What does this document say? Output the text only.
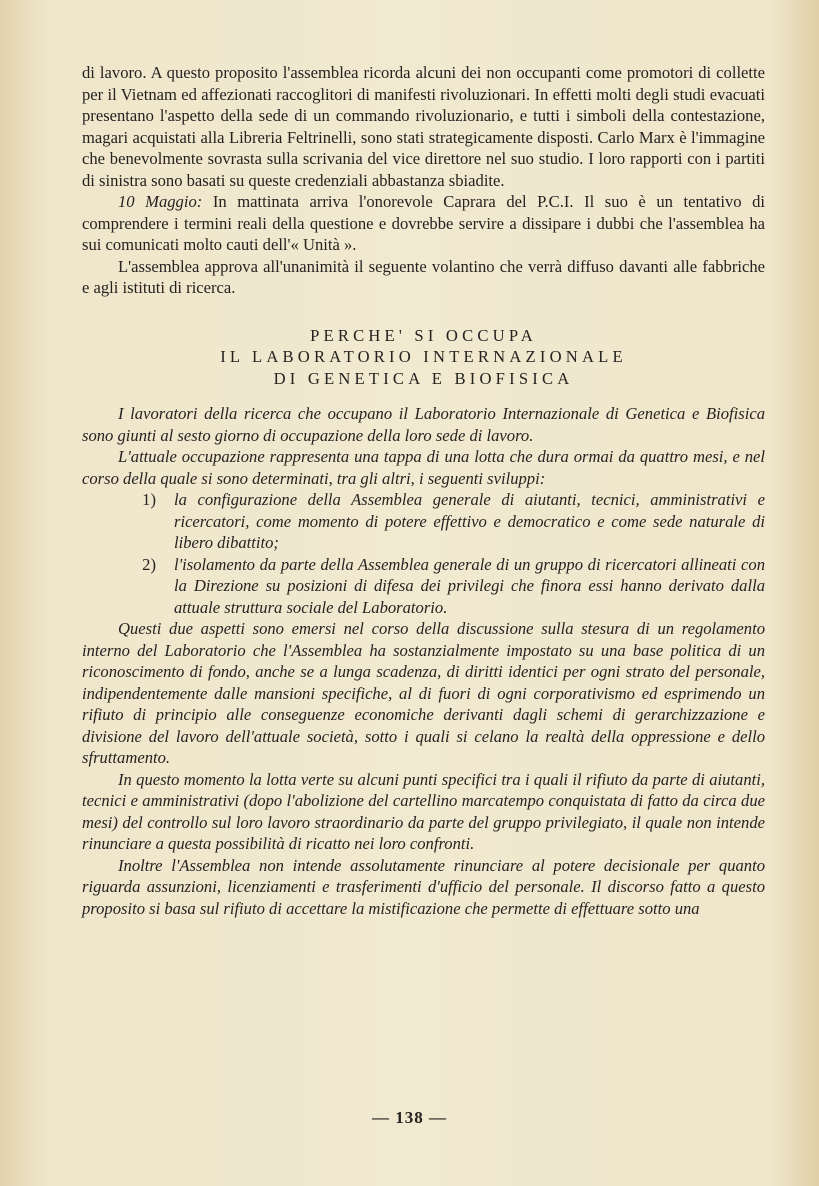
di lavoro. A questo proposito l'assemblea ricorda alcuni dei non occupanti come promotori di collette per il Vietnam ed affezionati raccoglitori di manifesti rivoluzionari. In effetti molti degli studi evacuati presentano l'aspetto della sede di un commando rivoluzionario, e tutti i simboli della contestazione, magari acquistati alla Libreria Feltrinelli, sono stati strategicamente disposti. Carlo Marx è l'immagine che benevolmente sovrasta sulla scrivania del vice direttore nel suo studio. I loro rapporti con i partiti di sinistra sono basati su queste credenziali abbastanza sbiadite.

10 Maggio: In mattinata arriva l'onorevole Caprara del P.C.I. Il suo è un tentativo di comprendere i termini reali della questione e dovrebbe servire a dissipare i dubbi che l'assemblea ha sui comunicati molto cauti dell'« Unità ».

L'assemblea approva all'unanimità il seguente volantino che verrà diffuso davanti alle fabbriche e agli istituti di ricerca.

PERCHE' SI OCCUPA
IL LABORATORIO INTERNAZIONALE
DI GENETICA E BIOFISICA

I lavoratori della ricerca che occupano il Laboratorio Internazionale di Genetica e Biofisica sono giunti al sesto giorno di occupazione della loro sede di lavoro.

L'attuale occupazione rappresenta una tappa di una lotta che dura ormai da quattro mesi, e nel corso della quale si sono determinati, tra gli altri, i seguenti sviluppi:

1)	la configurazione della Assemblea generale di aiutanti, tecnici, amministrativi e ricercatori, come momento di potere effettivo e democratico e come sede naturale di libero dibattito;
2)	l'isolamento da parte della Assemblea generale di un gruppo di ricercatori allineati con la Direzione su posizioni di difesa dei privilegi che finora essi hanno derivato dalla attuale struttura sociale del Laboratorio.

Questi due aspetti sono emersi nel corso della discussione sulla stesura di un regolamento interno del Laboratorio che l'Assemblea ha sostanzialmente impostato su una base politica di un riconoscimento di fondo, anche se a lunga scadenza, di diritti identici per ogni strato del personale, indipendentemente dalle mansioni specifiche, al di fuori di ogni corporativismo ed esprimendo un rifiuto di principio alle conseguenze economiche derivanti dagli schemi di gerarchizzazione e divisione del lavoro dell'attuale società, sotto i quali si celano la realtà della oppressione e dello sfruttamento.

In questo momento la lotta verte su alcuni punti specifici tra i quali il rifiuto da parte di aiutanti, tecnici e amministrativi (dopo l'abolizione del cartellino marcatempo conquistata di fatto da circa due mesi) del controllo sul loro lavoro straordinario da parte del gruppo privilegiato, il quale non intende rinunciare a questa possibilità di ricatto nei loro confronti.

Inoltre l'Assemblea non intende assolutamente rinunciare al potere decisionale per quanto riguarda assunzioni, licenziamenti e trasferimenti d'ufficio del personale. Il discorso fatto a questo proposito si basa sul rifiuto di accettare la mistificazione che permette di effettuare sotto una

— 138 —
